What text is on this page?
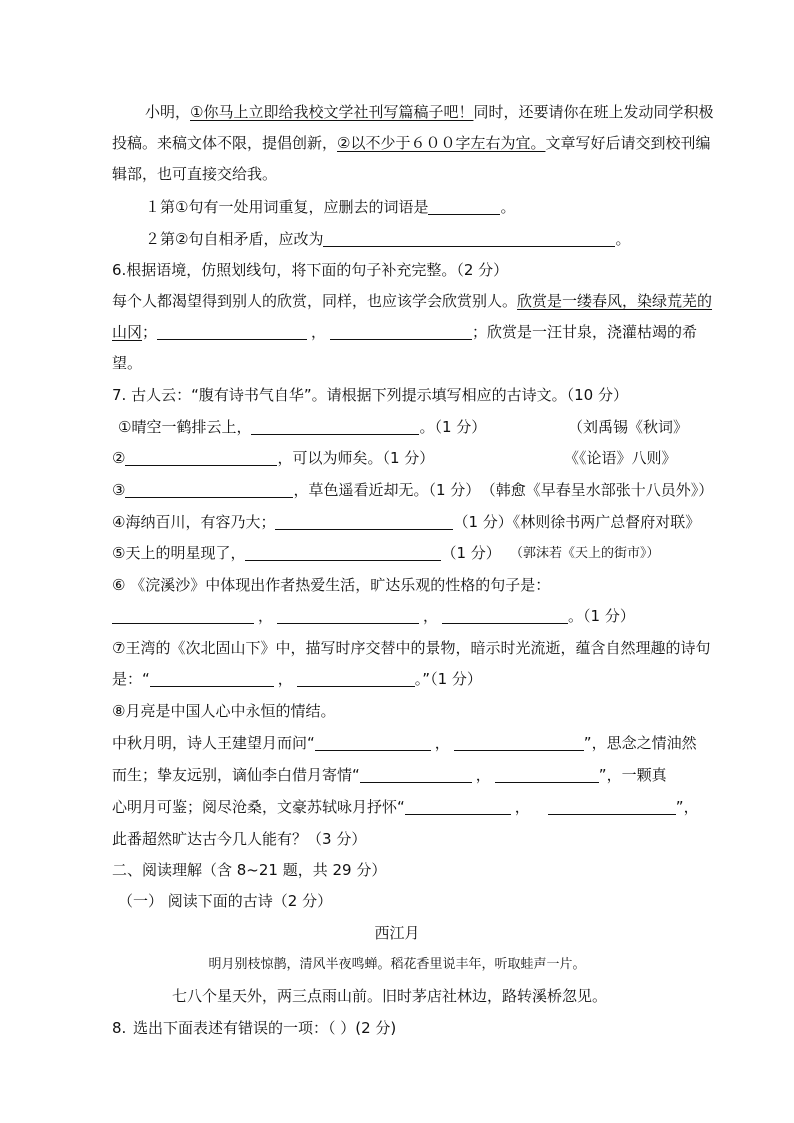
小明，①你马上立即给我校文学社刊写篇稿子吧！同时，还要请你在班上发动同学积极
投稿。来稿文体不限，提倡创新，②以不少于６００字左右为宜。文章写好后请交到校刊编
辑部，也可直接交给我。
１第①句有一处用词重复，应删去的词语是	。
２第②句自相矛盾，应改为	。
6.根据语境，仿照划线句，将下面的句子补充完整。（2 分）
每个人都渴望得到别人的欣赏，同样，也应该学会欣赏别人。欣赏是一缕春风，染绿荒芜的
山冈；	，	；欣赏是一汪甘泉，浇灌枯竭的希
望。
7. 古人云：“腹有诗书气自华”。请根据下列提示填写相应的古诗文。（10 分）
①晴空一鹤排云上，	。（1 分）	（刘禹锡《秋词》
②	，可以为师矣。（1 分）	《《论语》八则》
③	，草色遥看近却无。（1 分） （韩愈《早春呈水部张十八员外》）
④海纳百川，有容乃大；	（1 分）《林则徐书两广总督府对联》
⑤天上的明星现了，	（1 分） （郭沫若《天上的街市》）
⑥ 《浣溪沙》中体现出作者热爱生活，旷达乐观的性格的句子是：
，	，	。（1 分）
⑦王湾的《次北固山下》中，描写时序交替中的景物，暗示时光流逝，蕴含自然理趣的诗句
是：“	，	。”（1 分）
⑧月亮是中国人心中永恒的情结。
中秋月明，诗人王建望月而问“	，	”，思念之情油然
而生；挚友远别，谪仙李白借月寄情“	，	”，一颗真
心明月可鉴；阅尽沧桑，文豪苏轼咏月抒怀“	，	”，
此番超然旷达古今几人能有？（3 分）
二、阅读理解（含 8~21 题，共 29 分）
（一） 阅读下面的古诗（2 分）
西江月
明月别枝惊鹊，清风半夜鸣蝉。稻花香里说丰年，听取蛙声一片。
七八个星天外，两三点雨山前。旧时茅店社林边，路转溪桥忽见。
8. 选出下面表述有错误的一项：（ ）(2 分)
